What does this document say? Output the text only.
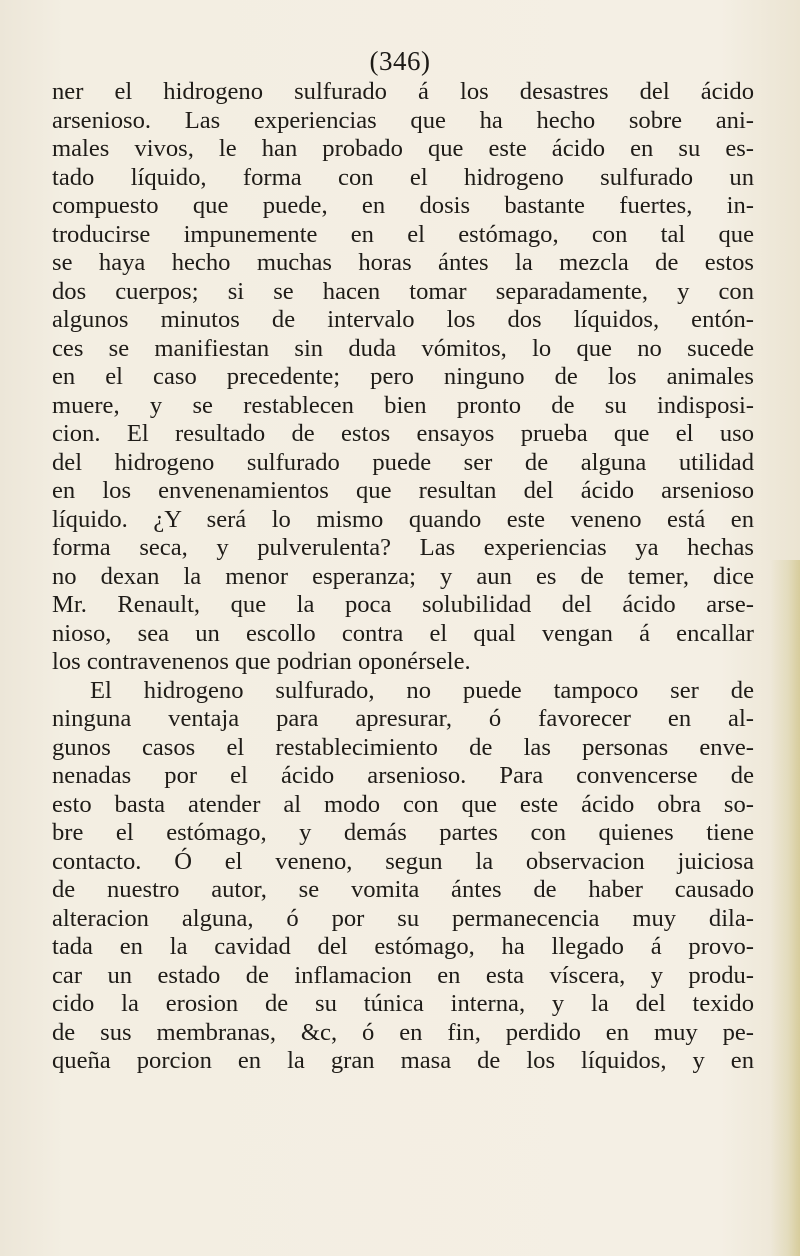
(346)
ner el hidrogeno sulfurado á los desastres del ácido
arsenioso. Las experiencias que ha hecho sobre ani-
males vivos, le han probado que este ácido en su es-
tado líquido, forma con el hidrogeno sulfurado un
compuesto que puede, en dosis bastante fuertes, in-
troducirse impunemente en el estómago, con tal que
se haya hecho muchas horas ántes la mezcla de estos
dos cuerpos; si se hacen tomar separadamente, y con
algunos minutos de intervalo los dos líquidos, entón-
ces se manifiestan sin duda vómitos, lo que no sucede
en el caso precedente; pero ninguno de los animales
muere, y se restablecen bien pronto de su indisposi-
cion. El resultado de estos ensayos prueba que el uso
del hidrogeno sulfurado puede ser de alguna utilidad
en los envenenamientos que resultan del ácido arsenioso
líquido. ¿Y será lo mismo quando este veneno está en
forma seca, y pulverulenta? Las experiencias ya hechas
no dexan la menor esperanza; y aun es de temer, dice
Mr. Renault, que la poca solubilidad del ácido arse-
nioso, sea un escollo contra el qual vengan á encallar
los contravenenos que podrian oponérsele.
El hidrogeno sulfurado, no puede tampoco ser de
ninguna ventaja para apresurar, ó favorecer en al-
gunos casos el restablecimiento de las personas enve-
nenadas por el ácido arsenioso. Para convencerse de
esto basta atender al modo con que este ácido obra so-
bre el estómago, y demás partes con quienes tiene
contacto. Ó el veneno, segun la observacion juiciosa
de nuestro autor, se vomita ántes de haber causado
alteracion alguna, ó por su permanecencia muy dila-
tada en la cavidad del estómago, ha llegado á provo-
car un estado de inflamacion en esta víscera, y produ-
cido la erosion de su túnica interna, y la del texido
de sus membranas, &c, ó en fin, perdido en muy pe-
queña porcion en la gran masa de los líquidos, y en
